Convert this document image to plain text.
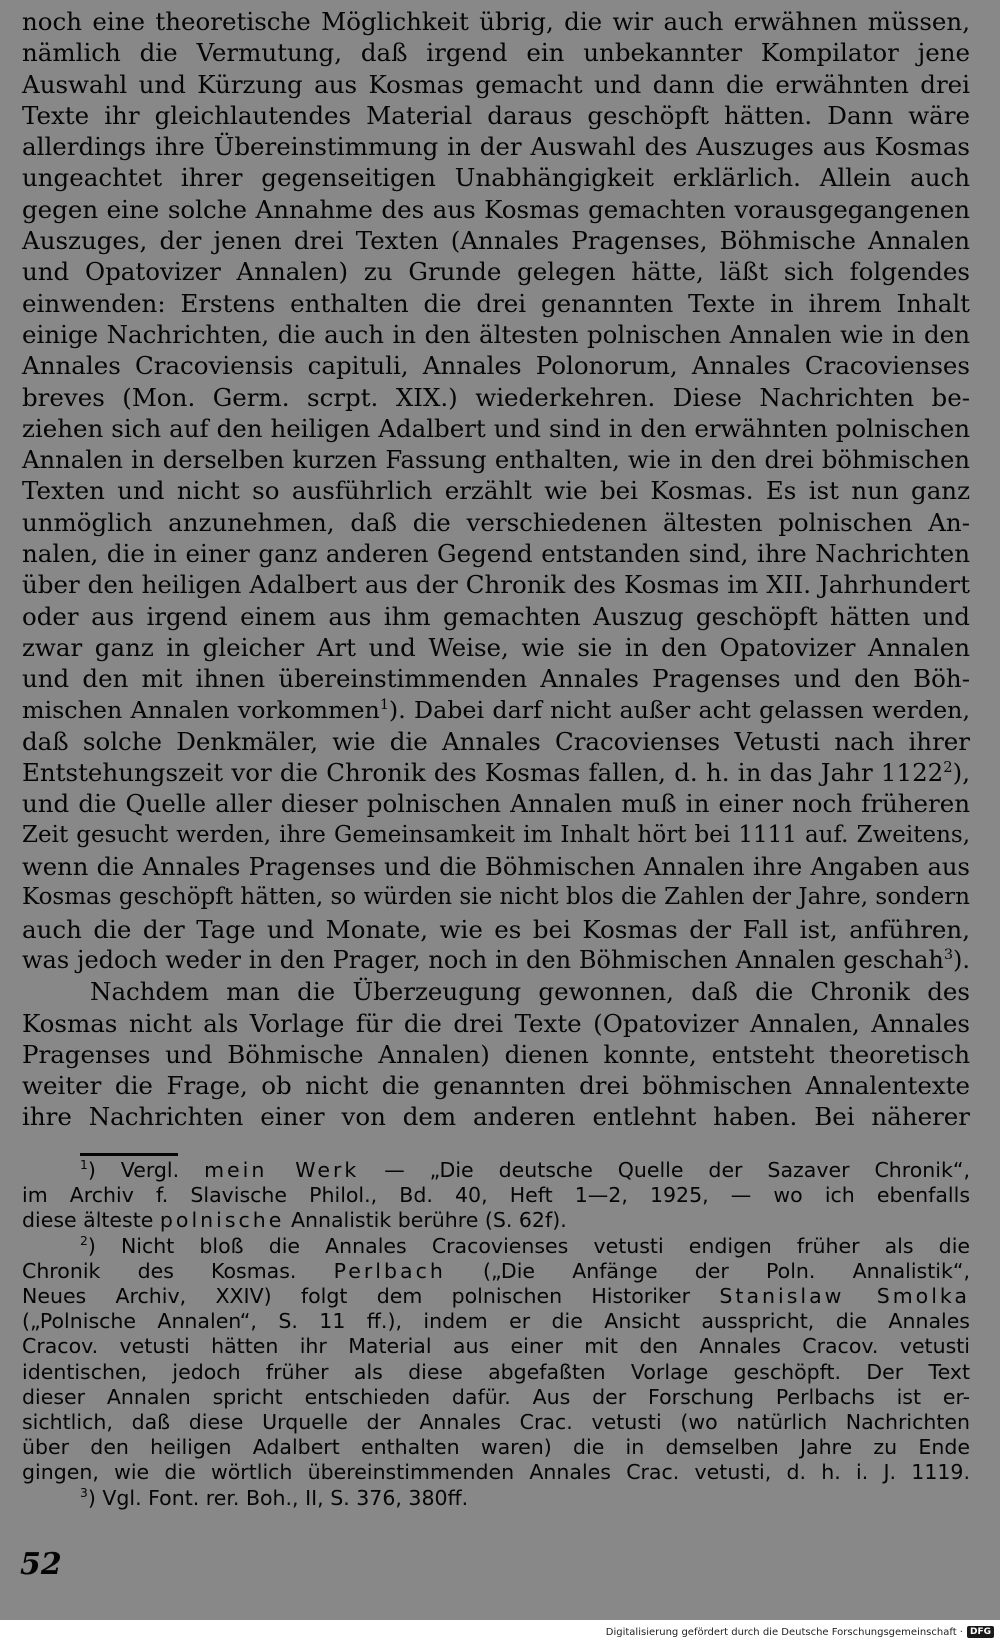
noch eine theoretische Möglichkeit übrig, die wir auch erwähnen müssen,
nämlich die Vermutung, daß irgend ein unbekannter Kompilator jene
Auswahl und Kürzung aus Kosmas gemacht und dann die erwähnten drei
Texte ihr gleichlautendes Material daraus geschöpft hätten. Dann wäre
allerdings ihre Übereinstimmung in der Auswahl des Auszuges aus Kosmas
ungeachtet ihrer gegenseitigen Unabhängigkeit erklärlich. Allein auch
gegen eine solche Annahme des aus Kosmas gemachten vorausgegangenen
Auszuges, der jenen drei Texten (Annales Pragenses, Böhmische Annalen
und Opatovizer Annalen) zu Grunde gelegen hätte, läßt sich folgendes
einwenden: Erstens enthalten die drei genannten Texte in ihrem Inhalt
einige Nachrichten, die auch in den ältesten polnischen Annalen wie in den
Annales Cracoviensis capituli, Annales Polonorum, Annales Cracovienses
breves (Mon. Germ. scrpt. XIX.) wiederkehren. Diese Nachrichten be-
ziehen sich auf den heiligen Adalbert und sind in den erwähnten polnischen
Annalen in derselben kurzen Fassung enthalten, wie in den drei böhmischen
Texten und nicht so ausführlich erzählt wie bei Kosmas. Es ist nun ganz
unmöglich anzunehmen, daß die verschiedenen ältesten polnischen An-
nalen, die in einer ganz anderen Gegend entstanden sind, ihre Nachrichten
über den heiligen Adalbert aus der Chronik des Kosmas im XII. Jahrhundert
oder aus irgend einem aus ihm gemachten Auszug geschöpft hätten und
zwar ganz in gleicher Art und Weise, wie sie in den Opatovizer Annalen
und den mit ihnen übereinstimmenden Annales Pragenses und den Böh-
mischen Annalen vorkommen$^1$). Dabei darf nicht außer acht gelassen werden,
daß solche Denkmäler, wie die Annales Cracovienses Vetusti nach ihrer
Entstehungszeit vor die Chronik des Kosmas fallen, d. h. in das Jahr 1122$^2$),
und die Quelle aller dieser polnischen Annalen muß in einer noch früheren
Zeit gesucht werden, ihre Gemeinsamkeit im Inhalt hört bei 1111 auf. Zweitens,
wenn die Annales Pragenses und die Böhmischen Annalen ihre Angaben aus
Kosmas geschöpft hätten, so würden sie nicht blos die Zahlen der Jahre, sondern
auch die der Tage und Monate, wie es bei Kosmas der Fall ist, anführen,
was jedoch weder in den Prager, noch in den Böhmischen Annalen geschah$^3$).

Nachdem man die Überzeugung gewonnen, daß die Chronik des
Kosmas nicht als Vorlage für die drei Texte (Opatovizer Annalen, Annales
Pragenses und Böhmische Annalen) dienen konnte, entsteht theoretisch
weiter die Frage, ob nicht die genannten drei böhmischen Annalentexte
ihre Nachrichten einer von dem anderen entlehnt haben. Bei näherer

$^1$) Vergl. mein Werk — „Die deutsche Quelle der Sazaver Chronik“,
im Archiv f. Slavische Philol., Bd. 40, Heft 1—2, 1925, — wo ich ebenfalls
diese älteste polnische Annalistik berühre (S. 62f).

$^2$) Nicht bloß die Annales Cracovienses vetusti endigen früher als die
Chronik des Kosmas. Perlbach („Die Anfänge der Poln. Annalistik“,
Neues Archiv, XXIV) folgt dem polnischen Historiker Stanislaw Smolka
(„Polnische Annalen“, S. 11 ff.), indem er die Ansicht ausspricht, die Annales
Cracov. vetusti hätten ihr Material aus einer mit den Annales Cracov. vetusti
identischen, jedoch früher als diese abgefaßten Vorlage geschöpft. Der Text
dieser Annalen spricht entschieden dafür. Aus der Forschung Perlbachs ist er-
sichtlich, daß diese Urquelle der Annales Crac. vetusti (wo natürlich Nachrichten
über den heiligen Adalbert enthalten waren) die in demselben Jahre zu Ende
gingen, wie die wörtlich übereinstimmenden Annales Crac. vetusti, d. h. i. J. 1119.

$^3$) Vgl. Font. rer. Boh., II, S. 376, 380ff.

52
Digitalisierung gefördert durch die Deutsche Forschungsgemeinschaft · DFG
